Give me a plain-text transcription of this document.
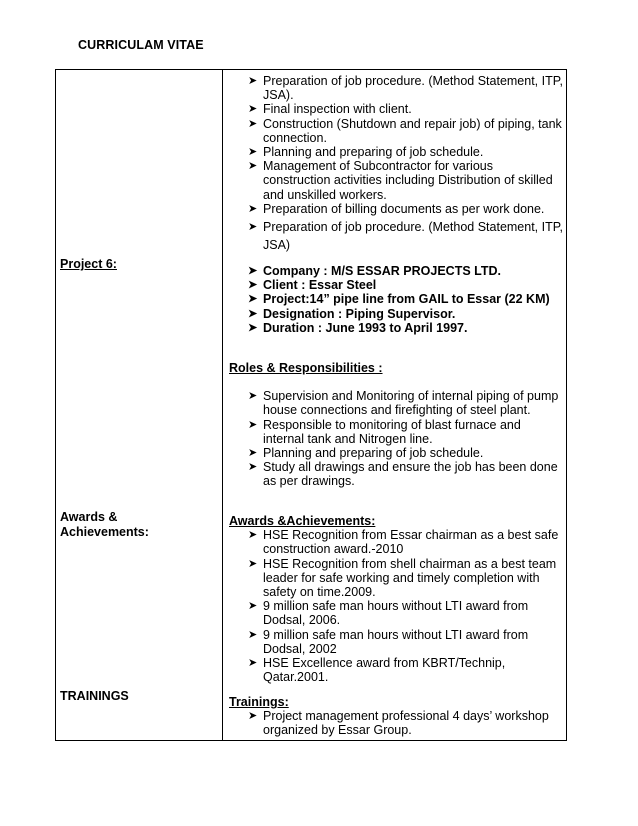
CURRICULAM VITAE
Project 6:
Awards &
Achievements:
TRAININGS
➤ Preparation of job procedure. (Method Statement, ITP, JSA).
➤ Final inspection with client.
➤ Construction (Shutdown and repair job) of piping, tank connection.
➤ Planning and preparing of job schedule.
➤ Management of Subcontractor for various construction activities including Distribution of skilled and unskilled workers.
➤ Preparation of billing documents as per work done.
➤ Preparation of job procedure. (Method Statement, ITP, JSA)
➤ Company : M/S ESSAR PROJECTS LTD.
➤ Client : Essar Steel
➤ Project:14” pipe line from GAIL to Essar (22 KM)
➤ Designation : Piping Supervisor.
➤ Duration : June 1993 to April 1997.
Roles & Responsibilities :
➤ Supervision and Monitoring of internal piping of pump house connections and firefighting of steel plant.
➤ Responsible to monitoring of blast furnace and internal tank and Nitrogen line.
➤ Planning and preparing of job schedule.
➤ Study all drawings and ensure the job has been done as per drawings.
Awards &Achievements:
➤ HSE Recognition from Essar chairman as a best safe construction award.-2010
➤ HSE Recognition from shell chairman as a best team leader for safe working and timely completion with safety on time.2009.
➤ 9 million safe man hours without LTI award from Dodsal, 2006.
➤ 9 million safe man hours without LTI award from Dodsal, 2002
➤ HSE Excellence award from KBRT/Technip, Qatar.2001.
Trainings:
➤ Project management professional 4 days’ workshop organized by Essar Group.
